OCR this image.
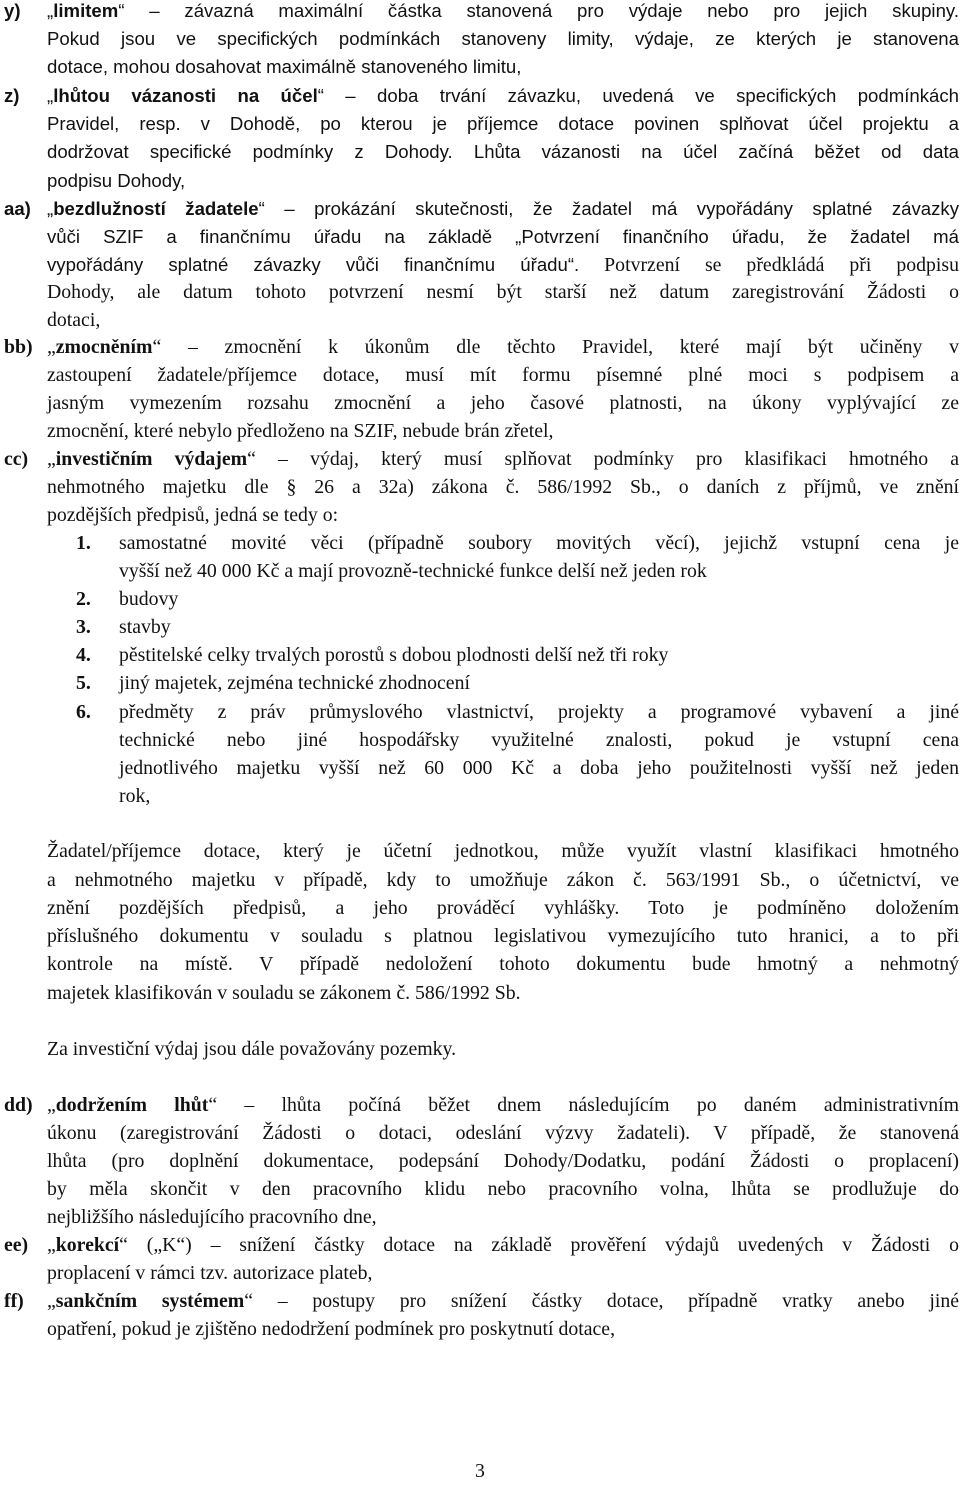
y) „limitem“ – závazná maximální částka stanovená pro výdaje nebo pro jejich skupiny.
Pokud jsou ve specifických podmínkách stanoveny limity, výdaje, ze kterých je stanovena
dotace, mohou dosahovat maximálně stanoveného limitu,
z) „lhůtou vázanosti na účel“ – doba trvání závazku, uvedená ve specifických podmínkách
Pravidel, resp. v Dohodě, po kterou je příjemce dotace povinen splňovat účel projektu a
dodržovat specifické podmínky z Dohody. Lhůta vázanosti na účel začíná běžet od data
podpisu Dohody,
aa) „bezdlužností žadatele“ – prokázání skutečnosti, že žadatel má vypořádány splatné závazky
vůči SZIF a finančnímu úřadu na základě „Potvrzení finančního úřadu, že žadatel má
vypořádány splatné závazky vůči finančnímu úřadu“. Potvrzení se předkládá při podpisu
Dohody, ale datum tohoto potvrzení nesmí být starší než datum zaregistrování Žádosti o
dotaci,
bb) „zmocněním“ – zmocnění k úkonům dle těchto Pravidel, které mají být učiněny v
zastoupení žadatele/příjemce dotace, musí mít formu písemné plné moci s podpisem a
jasným vymezením rozsahu zmocnění a jeho časové platnosti, na úkony vyplývající ze
zmocnění, které nebylo předloženo na SZIF, nebude brán zřetel,
cc) „investičním výdajem“ – výdaj, který musí splňovat podmínky pro klasifikaci hmotného a
nehmotného majetku dle § 26 a 32a) zákona č. 586/1992 Sb., o daních z příjmů, ve znění
pozdějších předpisů, jedná se tedy o:
1. samostatné movité věci (případně soubory movitých věcí), jejichž vstupní cena je
vyšší než 40 000 Kč a mají provozně-technické funkce delší než jeden rok
2. budovy
3. stavby
4. pěstitelské celky trvalých porostů s dobou plodnosti delší než tři roky
5. jiný majetek, zejména technické zhodnocení
6. předměty z práv průmyslového vlastnictví, projekty a programové vybavení a jiné
technické nebo jiné hospodářsky využitelné znalosti, pokud je vstupní cena
jednotlivého majetku vyšší než 60 000 Kč a doba jeho použitelnosti vyšší než jeden
rok,
Žadatel/příjemce dotace, který je účetní jednotkou, může využít vlastní klasifikaci hmotného
a nehmotného majetku v případě, kdy to umožňuje zákon č. 563/1991 Sb., o účetnictví, ve
znění pozdějších předpisů, a jeho prováděcí vyhlášky. Toto je podmíněno doložením
příslušného dokumentu v souladu s platnou legislativou vymezujícího tuto hranici, a to při
kontrole na místě. V případě nedoložení tohoto dokumentu bude hmotný a nehmotný
majetek klasifikován v souladu se zákonem č. 586/1992 Sb.
Za investiční výdaj jsou dále považovány pozemky.
dd) „dodržením lhůt“ – lhůta počíná běžet dnem následujícím po daném administrativním
úkonu (zaregistrování Žádosti o dotaci, odeslání výzvy žadateli). V případě, že stanovená
lhůta (pro doplnění dokumentace, podepsání Dohody/Dodatku, podání Žádosti o proplacení)
by měla skončit v den pracovního klidu nebo pracovního volna, lhůta se prodlužuje do
nejbližšího následujícího pracovního dne,
ee) „korekcí“ („K“) – snížení částky dotace na základě prověření výdajů uvedených v Žádosti o
proplacení v rámci tzv. autorizace plateb,
ff) „sankčním systémem“ – postupy pro snížení částky dotace, případně vratky anebo jiné
opatření, pokud je zjištěno nedodržení podmínek pro poskytnutí dotace,
3
